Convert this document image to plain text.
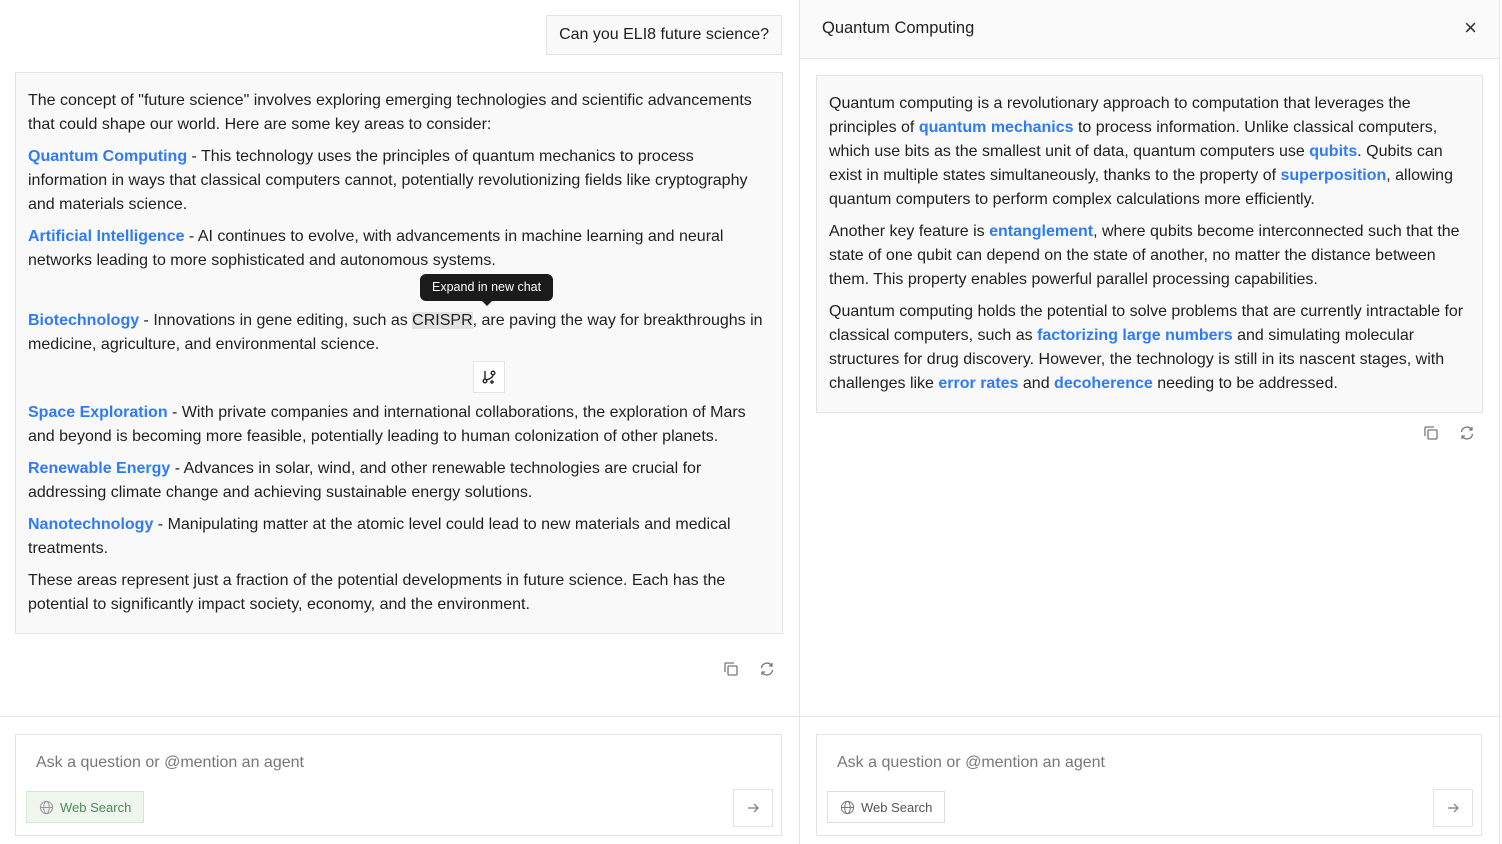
Can you ELI8 future science?

The concept of "future science" involves exploring emerging technologies and scientific advancements that could shape our world. Here are some key areas to consider:

Quantum Computing - This technology uses the principles of quantum mechanics to process information in ways that classical computers cannot, potentially revolutionizing fields like cryptography and materials science.

Artificial Intelligence - AI continues to evolve, with advancements in machine learning and neural networks leading to more sophisticated and autonomous systems.

Biotechnology - Innovations in gene editing, such as CRISPR, are paving the way for breakthroughs in medicine, agriculture, and environmental science.
Expand in new chat

Space Exploration - With private companies and international collaborations, the exploration of Mars and beyond is becoming more feasible, potentially leading to human colonization of other planets.

Renewable Energy - Advances in solar, wind, and other renewable technologies are crucial for addressing climate change and achieving sustainable energy solutions.

Nanotechnology - Manipulating matter at the atomic level could lead to new materials and medical treatments.

These areas represent just a fraction of the potential developments in future science. Each has the potential to significantly impact society, economy, and the environment.

Ask a question or @mention an agent
Web Search
Quantum Computing	×

Quantum computing is a revolutionary approach to computation that leverages the principles of quantum mechanics to process information. Unlike classical computers, which use bits as the smallest unit of data, quantum computers use qubits. Qubits can exist in multiple states simultaneously, thanks to the property of superposition, allowing quantum computers to perform complex calculations more efficiently.

Another key feature is entanglement, where qubits become interconnected such that the state of one qubit can depend on the state of another, no matter the distance between them. This property enables powerful parallel processing capabilities.

Quantum computing holds the potential to solve problems that are currently intractable for classical computers, such as factorizing large numbers and simulating molecular structures for drug discovery. However, the technology is still in its nascent stages, with challenges like error rates and decoherence needing to be addressed.

Ask a question or @mention an agent
Web Search
